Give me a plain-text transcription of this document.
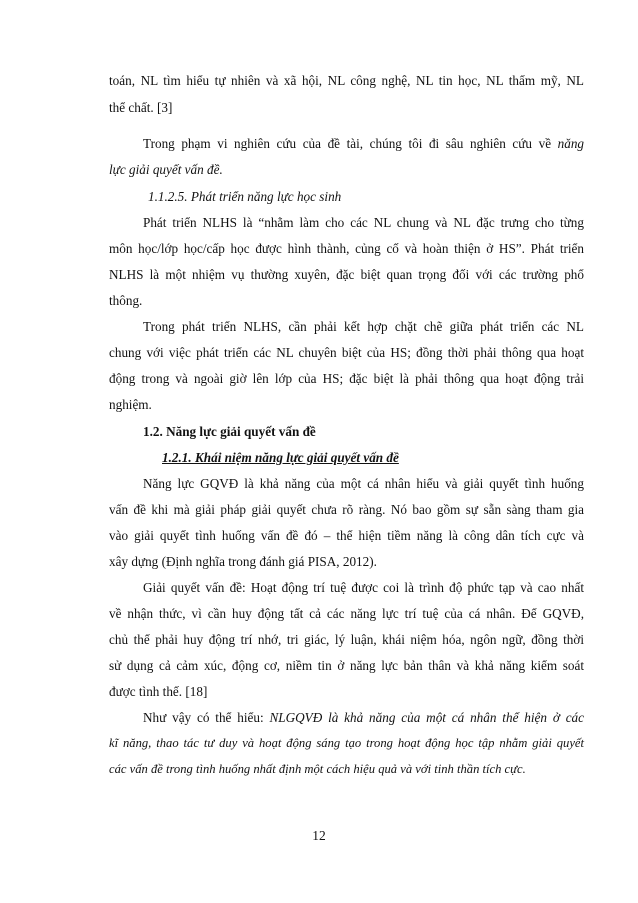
toán, NL tìm hiểu tự nhiên và xã hội, NL công nghệ, NL tin học, NL thẩm mỹ, NL
thể chất. [3]
Trong phạm vi nghiên cứu của đề tài, chúng tôi đi sâu nghiên cứu về năng
lực giải quyết vấn đề.
1.1.2.5. Phát triển năng lực học sinh
Phát triển NLHS là “nhằm làm cho các NL chung và NL đặc trưng cho từng
môn học/lớp học/cấp học được hình thành, củng cố và hoàn thiện ở HS”. Phát triển
NLHS là một nhiệm vụ thường xuyên, đặc biệt quan trọng đối với các trường phổ
thông.
Trong phát triển NLHS, cần phải kết hợp chặt chẽ giữa phát triển các NL
chung với việc phát triển các NL chuyên biệt của HS; đồng thời phải thông qua hoạt
động trong và ngoài giờ lên lớp của HS; đặc biệt là phải thông qua hoạt động trải
nghiệm.
1.2. Năng lực giải quyết vấn đề
1.2.1. Khái niệm năng lực giải quyết vấn đề
Năng lực GQVĐ là khả năng của một cá nhân hiểu và giải quyết tình huống
vấn đề khi mà giải pháp giải quyết chưa rõ ràng. Nó bao gồm sự sẵn sàng tham gia
vào giải quyết tình huống vấn đề đó – thể hiện tiềm năng là công dân tích cực và
xây dựng (Định nghĩa trong đánh giá PISA, 2012).
Giải quyết vấn đề: Hoạt động trí tuệ được coi là trình độ phức tạp và cao nhất
về nhận thức, vì cần huy động tất cả các năng lực trí tuệ của cá nhân. Để GQVĐ,
chủ thể phải huy động trí nhớ, tri giác, lý luận, khái niệm hóa, ngôn ngữ, đồng thời
sử dụng cả cảm xúc, động cơ, niềm tin ở năng lực bản thân và khả năng kiểm soát
được tình thế. [18]
Như vậy có thể hiểu: NLGQVĐ là khả năng của một cá nhân thể hiện ở các
kĩ năng, thao tác tư duy và hoạt động sáng tạo trong hoạt động học tập nhằm giải quyết
các vấn đề trong tình huống nhất định một cách hiệu quả và với tinh thần tích cực.
12
